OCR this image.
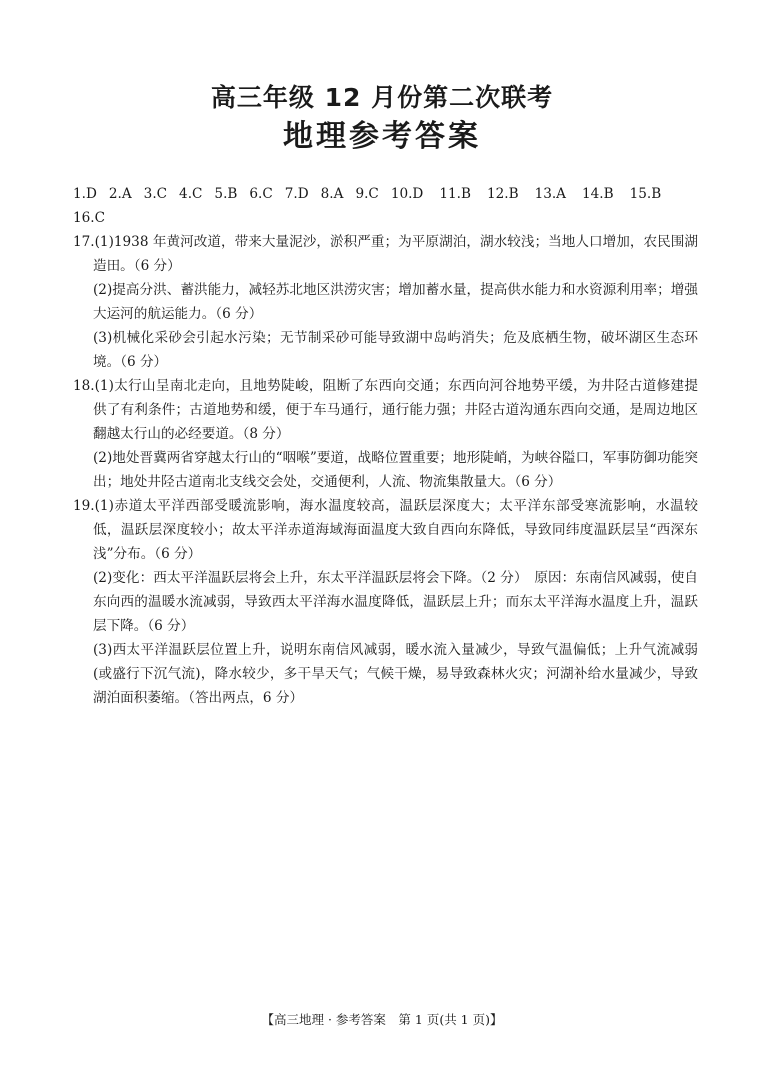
高三年级 12 月份第二次联考
地理参考答案
1.D 2.A 3.C 4.C 5.B 6.C 7.D 8.A 9.C 10.D 11.B 12.B 13.A 14.B 15.B
16.C
17.(1)1938 年黄河改道，带来大量泥沙，淤积严重；为平原湖泊，湖水较浅；当地人口增加，农民围湖造田。（6 分）
(2)提高分洪、蓄洪能力，减轻苏北地区洪涝灾害；增加蓄水量，提高供水能力和水资源利用率；增强大运河的航运能力。（6 分）
(3)机械化采砂会引起水污染；无节制采砂可能导致湖中岛屿消失；危及底栖生物，破坏湖区生态环境。（6 分）
18.(1)太行山呈南北走向，且地势陡峻，阻断了东西向交通；东西向河谷地势平缓，为井陉古道修建提供了有利条件；古道地势和缓，便于车马通行，通行能力强；井陉古道沟通东西向交通，是周边地区翻越太行山的必经要道。（8 分）
(2)地处晋冀两省穿越太行山的“咽喉”要道，战略位置重要；地形陡峭，为峡谷隘口，军事防御功能突出；地处井陉古道南北支线交会处，交通便利，人流、物流集散量大。（6 分）
19.(1)赤道太平洋西部受暖流影响，海水温度较高，温跃层深度大；太平洋东部受寒流影响，水温较低，温跃层深度较小；故太平洋赤道海域海面温度大致自西向东降低，导致同纬度温跃层呈“西深东浅”分布。（6 分）
(2)变化：西太平洋温跃层将会上升，东太平洋温跃层将会下降。（2 分）　原因：东南信风减弱，使自东向西的温暖水流减弱，导致西太平洋海水温度降低，温跃层上升；而东太平洋海水温度上升，温跃层下降。（6 分）
(3)西太平洋温跃层位置上升，说明东南信风减弱，暖水流入量减少，导致气温偏低；上升气流减弱(或盛行下沉气流)，降水较少，多干旱天气；气候干燥，易导致森林火灾；河湖补给水量减少，导致湖泊面积萎缩。（答出两点，6 分）
【高三地理 · 参考答案　第 1 页(共 1 页)】
